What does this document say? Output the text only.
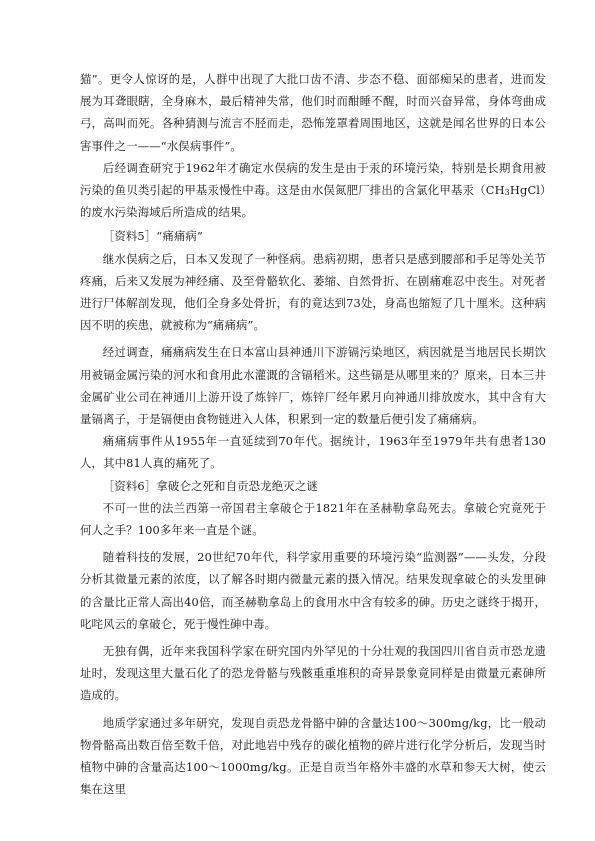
猫”。更令人惊讶的是，人群中出现了大批口齿不清、步态不稳、面部痴呆的患者，进而发展为耳聋眼瞎，全身麻木，最后精神失常，他们时而酣睡不醒，时而兴奋异常，身体弯曲成弓，高叫而死。各种猜测与流言不胫而走，恐怖笼罩着周围地区，这就是闻名世界的日本公害事件之一——“水俣病事件”。

后经调查研究于1962年才确定水俣病的发生是由于汞的环境污染，特别是长期食用被污染的鱼贝类引起的甲基汞慢性中毒。这是由水俣氮肥厂排出的含氯化甲基汞$(CH_3HgCl)$的废水污染海域后所造成的结果。

［资料5］“痛痛病”

继水俣病之后，日本又发现了一种怪病。患病初期，患者只是感到腰部和手足等处关节疼痛，后来又发展为神经痛、及至骨骼软化、萎缩、自然骨折、在剧痛难忍中丧生。对死者进行尸体解剖发现，他们全身多处骨折，有的竟达到73处，身高也缩短了几十厘米。这种病因不明的疾患，就被称为“痛痛病”。

经过调查，痛痛病发生在日本富山县神通川下游镉污染地区，病因就是当地居民长期饮用被镉金属污染的河水和食用此水灌溉的含镉稻米。这些镉是从哪里来的？原来，日本三井金属矿业公司在神通川上游开设了炼锌厂，炼锌厂经年累月向神通川排放废水，其中含有大量镉离子，于是镉便由食物链进入人体，积累到一定的数量后便引发了痛痛病。

痛痛病事件从1955年一直延续到70年代。据统计，1963年至1979年共有患者130人，其中81人真的痛死了。

［资料6］拿破仑之死和自贡恐龙绝灭之谜

不可一世的法兰西第一帝国君主拿破仑于1821年在圣赫勒拿岛死去。拿破仑究竟死于何人之手？100多年来一直是个谜。

随着科技的发展，20世纪70年代，科学家用重要的环境污染“监测器”——头发，分段分析其微量元素的浓度，以了解各时期内微量元素的摄入情况。结果发现拿破仑的头发里砷的含量比正常人高出40倍，而圣赫勒拿岛上的食用水中含有较多的砷。历史之谜终于揭开，叱咤风云的拿破仑，死于慢性砷中毒。

无独有偶，近年来我国科学家在研究国内外罕见的十分壮观的我国四川省自贡市恐龙遗址时，发现这里大量石化了的恐龙骨骼与残骸重重堆积的奇异景象竟同样是由微量元素砷所造成的。

地质学家通过多年研究，发现自贡恐龙骨骼中砷的含量达100～300mg/kg，比一般动物骨骼高出数百倍至数千倍，对此地岩中残存的碳化植物的碎片进行化学分析后，发现当时植物中砷的含量高达100～1000mg/kg。正是自贡当年格外丰盛的水草和参天大树，使云集在这里
